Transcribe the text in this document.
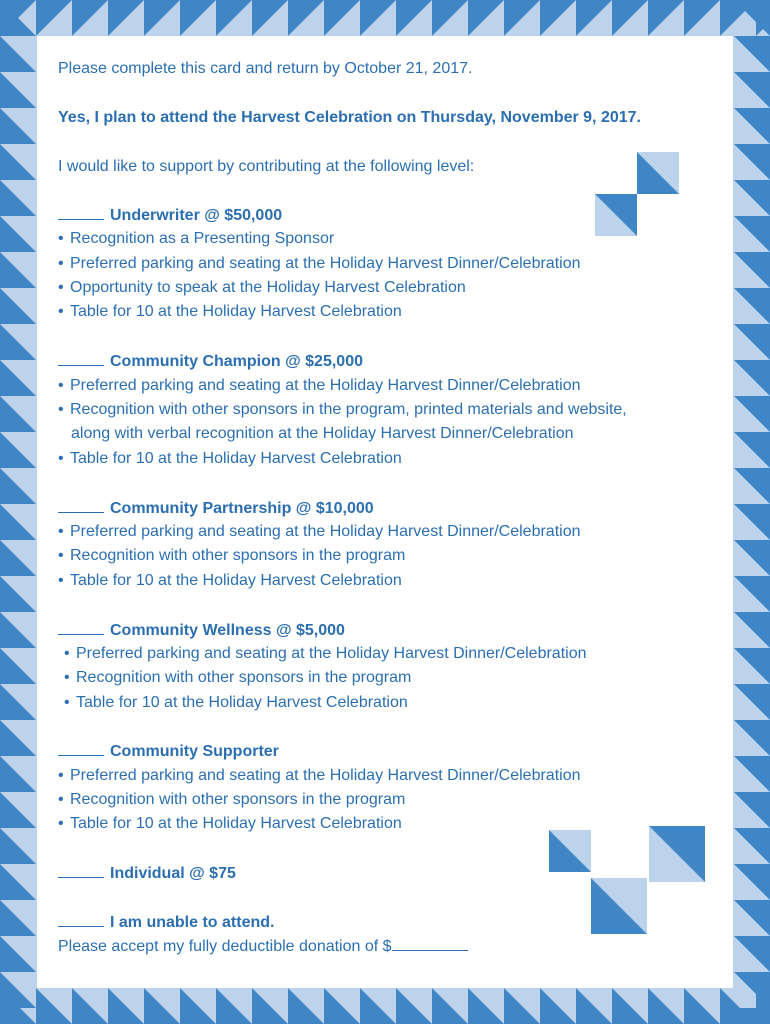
Please complete this card and return by October 21, 2017.

Yes, I plan to attend the Harvest Celebration on Thursday, November 9, 2017.

I would like to support by contributing at the following level:

Underwriter @ $50,000
• Recognition as a Presenting Sponsor
• Preferred parking and seating at the Holiday Harvest Dinner/Celebration
• Opportunity to speak at the Holiday Harvest Celebration
• Table for 10 at the Holiday Harvest Celebration
Community Champion @ $25,000
• Preferred parking and seating at the Holiday Harvest Dinner/Celebration
• Recognition with other sponsors in the program, printed materials and website,
along with verbal recognition at the Holiday Harvest Dinner/Celebration
• Table for 10 at the Holiday Harvest Celebration
Community Partnership @ $10,000
• Preferred parking and seating at the Holiday Harvest Dinner/Celebration
• Recognition with other sponsors in the program
• Table for 10 at the Holiday Harvest Celebration
Community Wellness @ $5,000
• Preferred parking and seating at the Holiday Harvest Dinner/Celebration
• Recognition with other sponsors in the program
• Table for 10 at the Holiday Harvest Celebration
Community Supporter
• Preferred parking and seating at the Holiday Harvest Dinner/Celebration
• Recognition with other sponsors in the program
• Table for 10 at the Holiday Harvest Celebration
Individual @ $75
I am unable to attend.
Please accept my fully deductible donation of $
